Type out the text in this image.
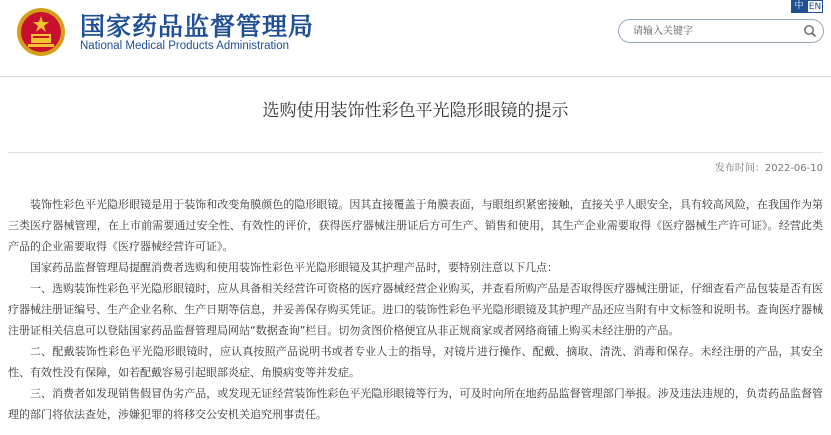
国家药品监督管理局
National Medical Products Administration
中 EN
请输入关键字
选购使用装饰性彩色平光隐形眼镜的提示
发布时间：2022-06-10

装饰性彩色平光隐形眼镜是用于装饰和改变角膜颜色的隐形眼镜。因其直接覆盖于角膜表面，与眼组织紧密接触，直接关乎人眼安全，具有较高风险，在我国作为第三类医疗器械管理，在上市前需要通过安全性、有效性的评价，获得医疗器械注册证后方可生产、销售和使用，其生产企业需要取得《医疗器械生产许可证》。经营此类产品的企业需要取得《医疗器械经营许可证》。

国家药品监督管理局提醒消费者选购和使用装饰性彩色平光隐形眼镜及其护理产品时，要特别注意以下几点：

一、选购装饰性彩色平光隐形眼镜时，应从具备相关经营许可资格的医疗器械经营企业购买，并查看所购产品是否取得医疗器械注册证，仔细查看产品包装是否有医疗器械注册证编号、生产企业名称、生产日期等信息，并妥善保存购买凭证。进口的装饰性彩色平光隐形眼镜及其护理产品还应当附有中文标签和说明书。查询医疗器械注册证相关信息可以登陆国家药品监督管理局网站“数据查询”栏目。切勿贪图价格便宜从非正规商家或者网络商铺上购买未经注册的产品。

二、配戴装饰性彩色平光隐形眼镜时，应认真按照产品说明书或者专业人士的指导，对镜片进行操作、配戴、摘取、清洗、消毒和保存。未经注册的产品，其安全性、有效性没有保障，如若配戴容易引起眼部炎症、角膜病变等并发症。

三、消费者如发现销售假冒伪劣产品，或发现无证经营装饰性彩色平光隐形眼镜等行为，可及时向所在地药品监督管理部门举报。涉及违法违规的，负责药品监督管理的部门将依法查处，涉嫌犯罪的将移交公安机关追究刑事责任。
